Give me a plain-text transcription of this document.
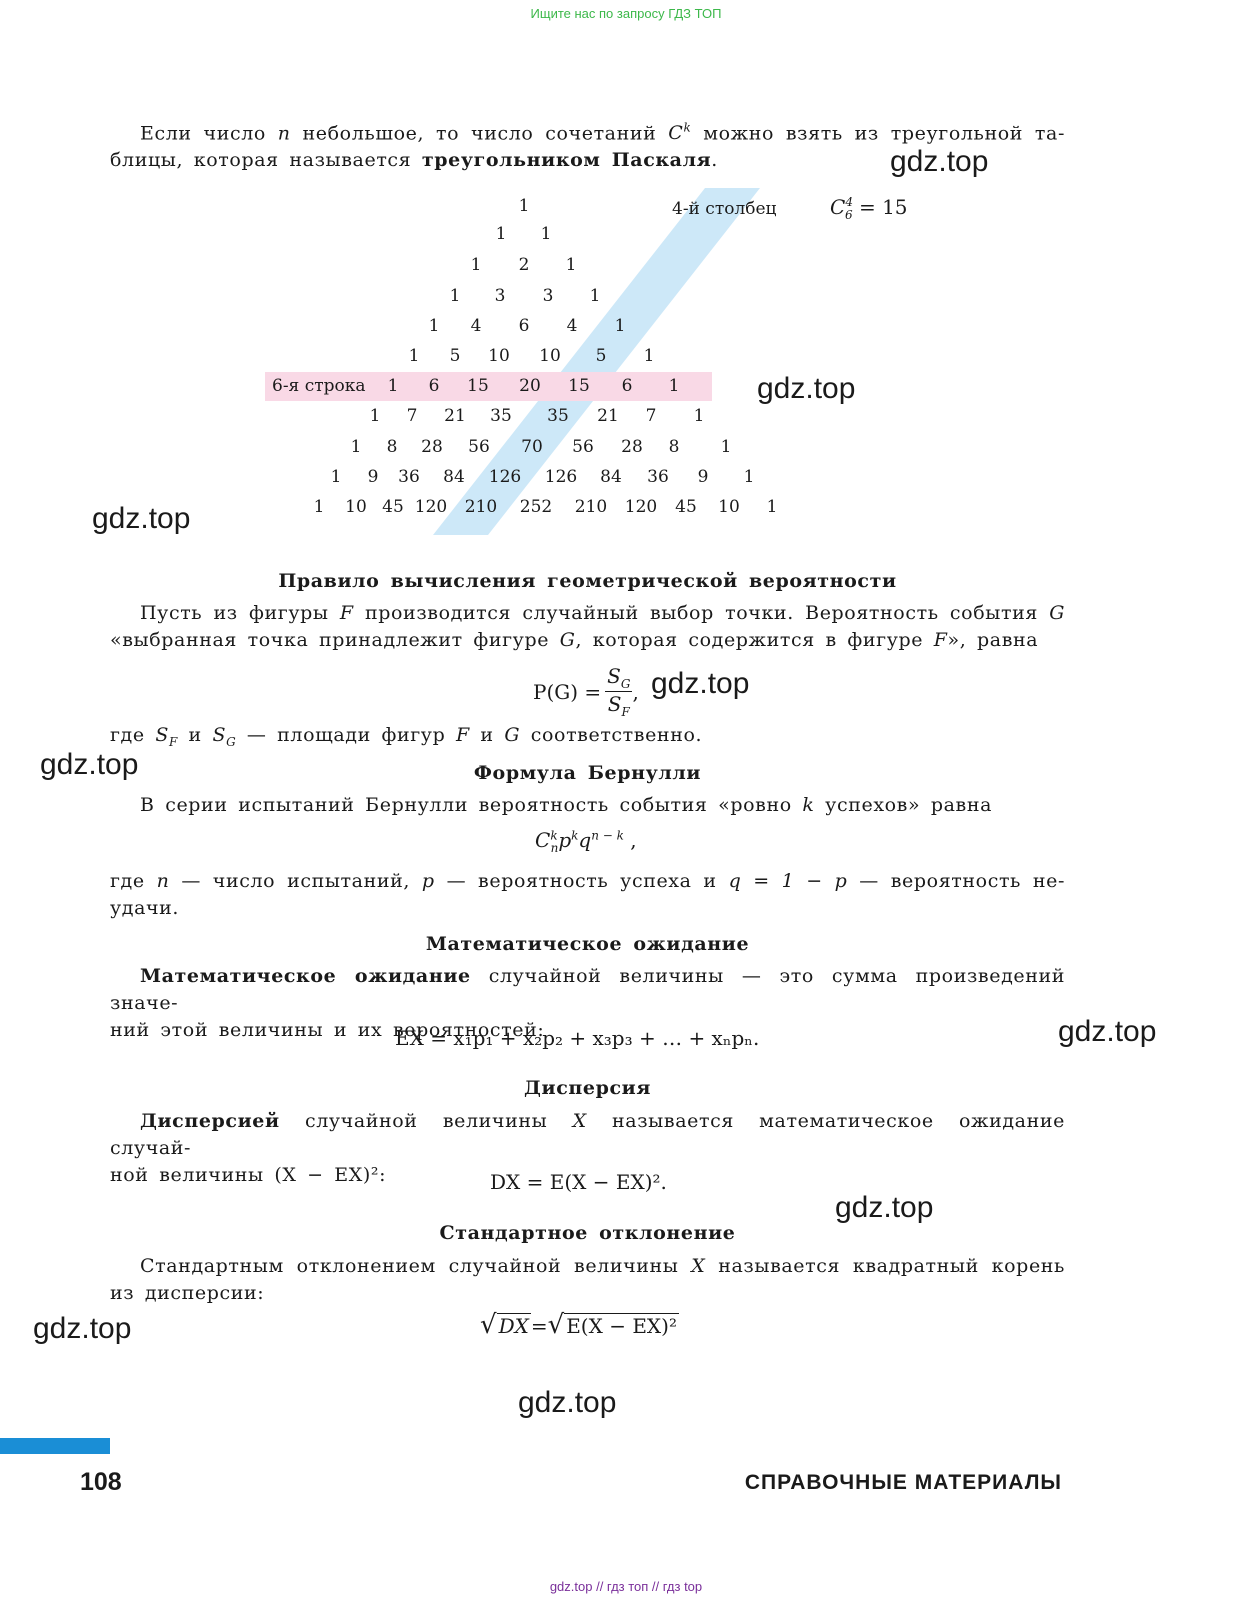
Ищите нас по запросу ГДЗ ТОП
Если число n небольшое, то число сочетаний $C^k$ можно взять из треугольной та-
блицы, которая называется треугольником Паскаля.
6-я строка
4-й столбец	$C^4_6 = 15$
1
1 1
1 2 1
1 3 3 1
1 4 6 4 1
1 5 10 10 5 1
1 6 15 20 15 6 1
1 7 21 35 35 21 7 1
1 8 28 56 70 56 28 8 1
1 9 36 84 126 126 84 36 9 1
1 10 45 120 210 252 210 120 45 10 1
Правило вычисления геометрической вероятности
Пусть из фигуры F производится случайный выбор точки. Вероятность события G
«выбранная точка принадлежит фигуре G, которая содержится в фигуре F», равна
$P(G) = \frac{S_G}{S_F}$ ,
где $S_F$ и $S_G$ — площади фигур F и G соответственно.
Формула Бернулли
В серии испытаний Бернулли вероятность события «ровно k успехов» равна
$C^k_np^kq^{n - k}$ ,
где n — число испытаний, p — вероятность успеха и q = 1 − p — вероятность не-
удачи.
Математическое ожидание
Математическое ожидание случайной величины — это сумма произведений значе-
ний этой величины и их вероятностей:
EX = x₁p₁ + x₂p₂ + x₃p₃ + … + xₙpₙ.
Дисперсия
Дисперсией случайной величины X называется математическое ожидание случай-
ной величины (X − EX)²:	DX = E(X − EX)².
Стандартное отклонение
Стандартным отклонением случайной величины X называется квадратный корень
из дисперсии:
√ DX = √ E(X − EX)²
gdz.top
gdz.top
gdz.top
gdz.top
gdz.top
gdz.top
gdz.top
gdz.top
gdz.top
108	СПРАВОЧНЫЕ МАТЕРИАЛЫ
gdz.top // гдз топ // гдз top
